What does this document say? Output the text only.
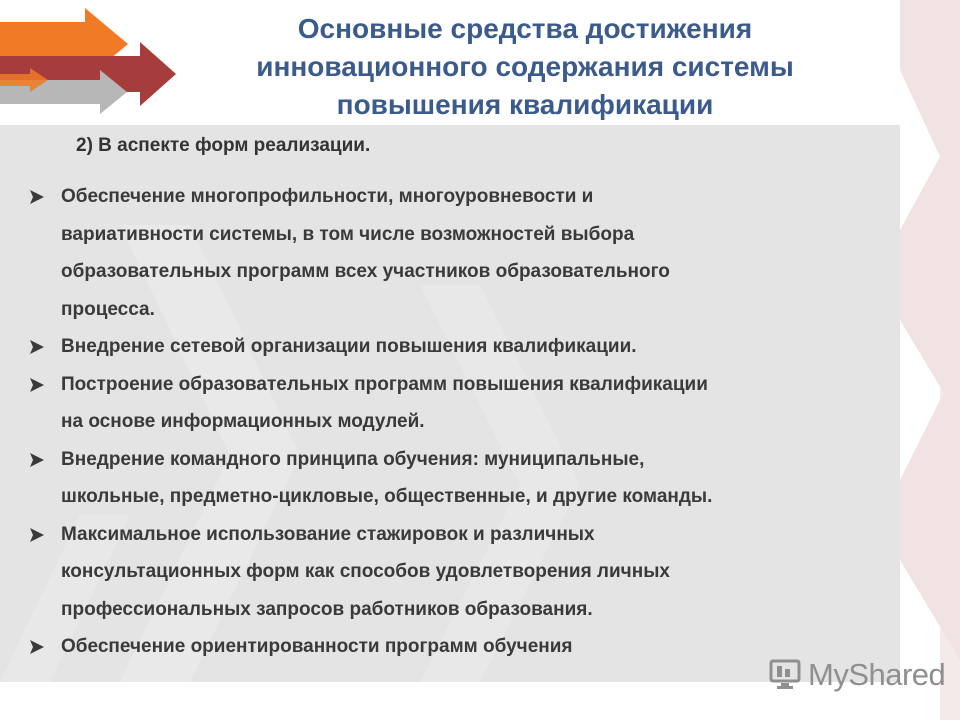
Основные средства достижения
инновационного содержания системы
повышения квалификации

2) В аспекте форм реализации.

Обеспечение многопрофильности, многоуровневости и
вариативности системы, в том числе возможностей выбора
образовательных программ всех участников образовательного
процесса.
Внедрение сетевой организации повышения квалификации.
Построение образовательных программ повышения квалификации
на основе информационных модулей.
Внедрение командного принципа обучения: муниципальные,
школьные, предметно-цикловые, общественные, и другие команды.
Максимальное использование стажировок и различных
консультационных форм как способов удовлетворения личных
профессиональных запросов работников образования.
Обеспечение ориентированности программ обучения
MyShared
